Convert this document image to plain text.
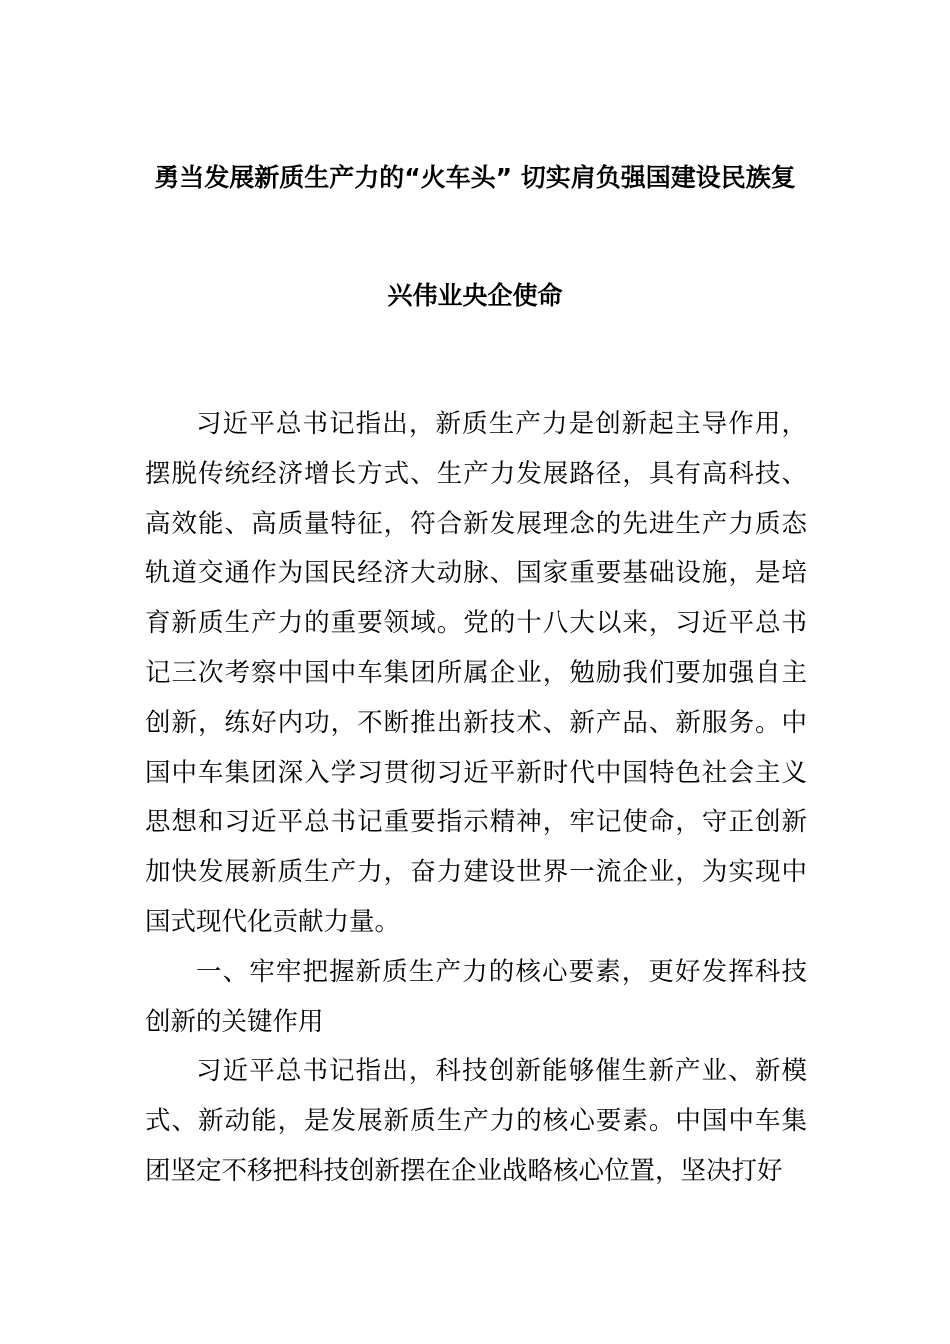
勇当发展新质生产力的“火车头” 切实肩负强国建设民族复
兴伟业央企使命

习近平总书记指出，新质生产力是创新起主导作用，摆脱传统经济增长方式、生产力发展路径，具有高科技、高效能、高质量特征，符合新发展理念的先进生产力质态轨道交通作为国民经济大动脉、国家重要基础设施，是培育新质生产力的重要领域。党的十八大以来，习近平总书记三次考察中国中车集团所属企业，勉励我们要加强自主创新，练好内功，不断推出新技术、新产品、新服务。中国中车集团深入学习贯彻习近平新时代中国特色社会主义思想和习近平总书记重要指示精神，牢记使命，守正创新加快发展新质生产力，奋力建设世界一流企业，为实现中国式现代化贡献力量。

一、牢牢把握新质生产力的核心要素，更好发挥科技创新的关键作用

习近平总书记指出，科技创新能够催生新产业、新模式、新动能，是发展新质生产力的核心要素。中国中车集团坚定不移把科技创新摆在企业战略核心位置，坚决打好
